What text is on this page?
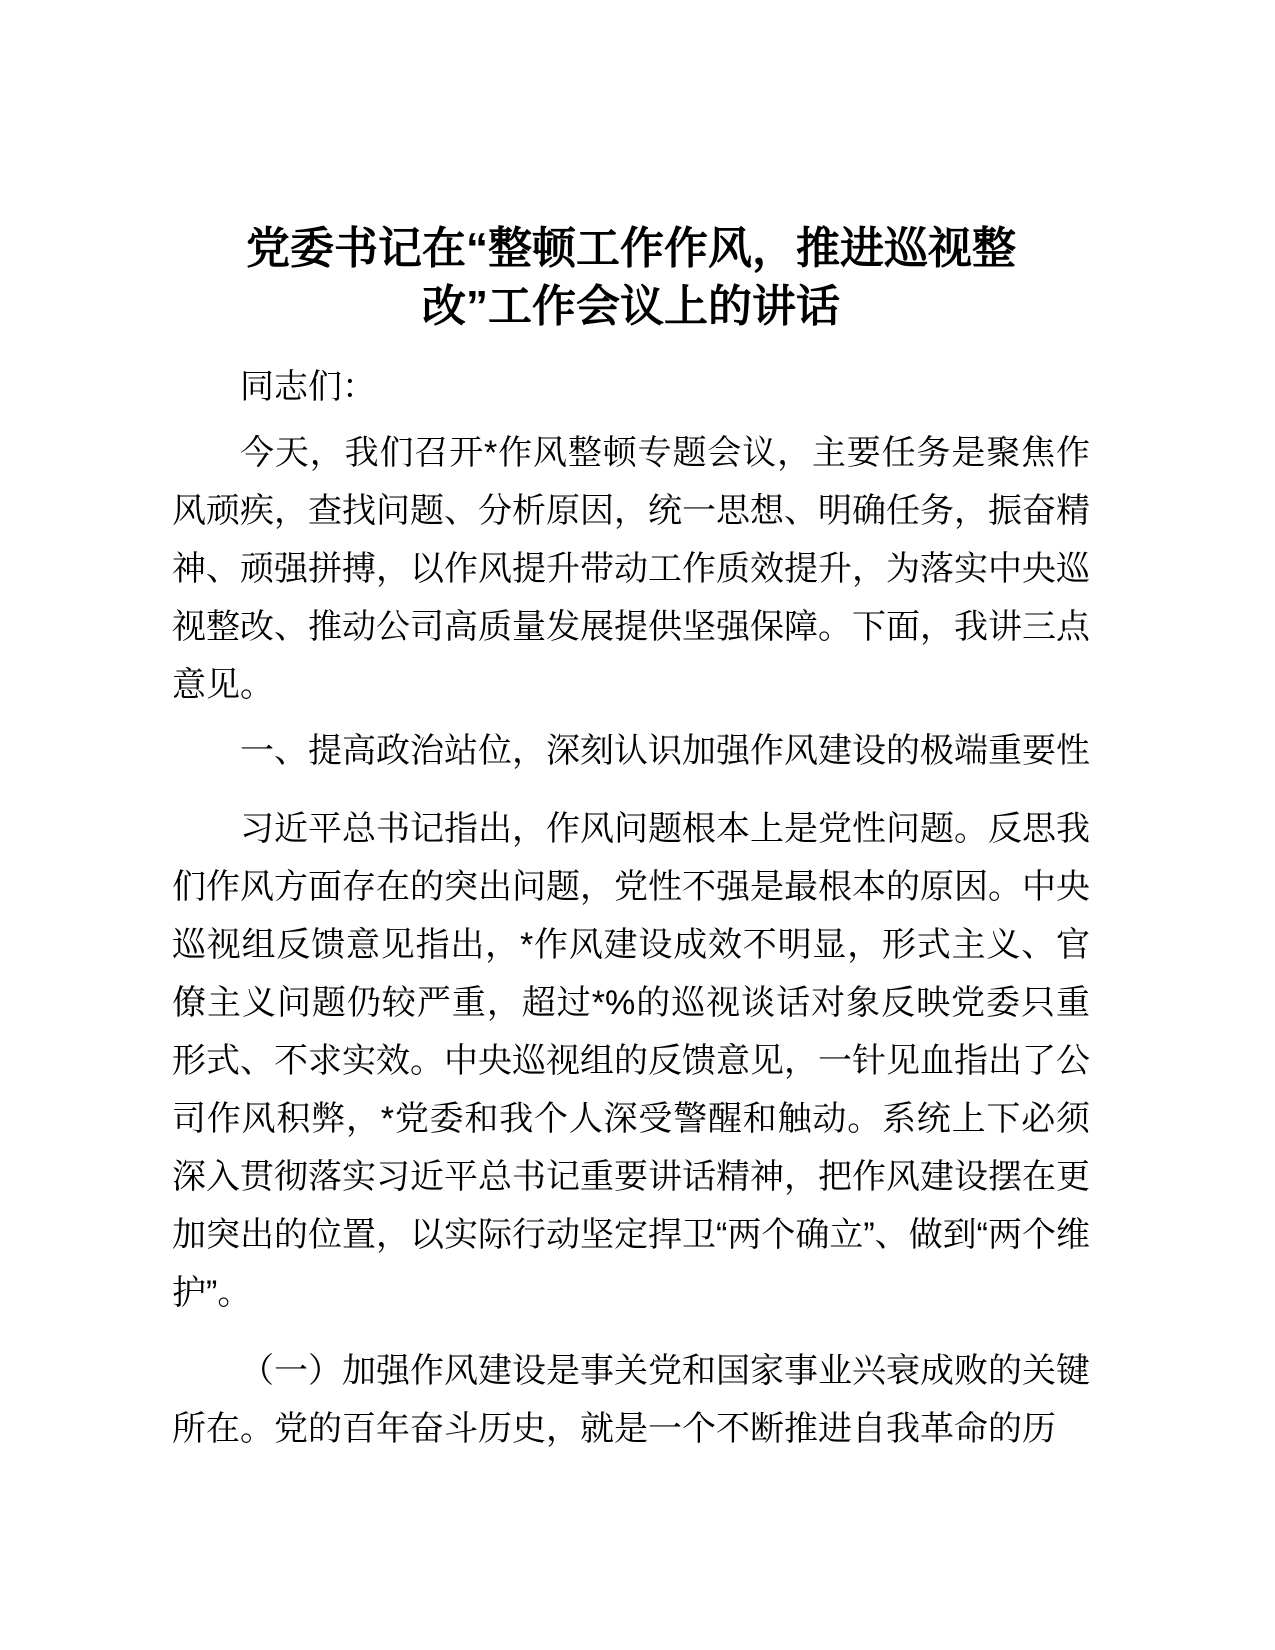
党委书记在“整顿工作作风，推进巡视整改”工作会议上的讲话

同志们：

今天，我们召开*作风整顿专题会议，主要任务是聚焦作风顽疾，查找问题、分析原因，统一思想、明确任务，振奋精神、顽强拼搏，以作风提升带动工作质效提升，为落实中央巡视整改、推动公司高质量发展提供坚强保障。下面，我讲三点意见。

一、提高政治站位，深刻认识加强作风建设的极端重要性

习近平总书记指出，作风问题根本上是党性问题。反思我们作风方面存在的突出问题，党性不强是最根本的原因。中央巡视组反馈意见指出，*作风建设成效不明显，形式主义、官僚主义问题仍较严重，超过*%的巡视谈话对象反映党委只重形式、不求实效。中央巡视组的反馈意见，一针见血指出了公司作风积弊，*党委和我个人深受警醒和触动。系统上下必须深入贯彻落实习近平总书记重要讲话精神，把作风建设摆在更加突出的位置，以实际行动坚定捍卫“两个确立”、做到“两个维护”。

（一）加强作风建设是事关党和国家事业兴衰成败的关键所在。党的百年奋斗历史，就是一个不断推进自我革命的历
